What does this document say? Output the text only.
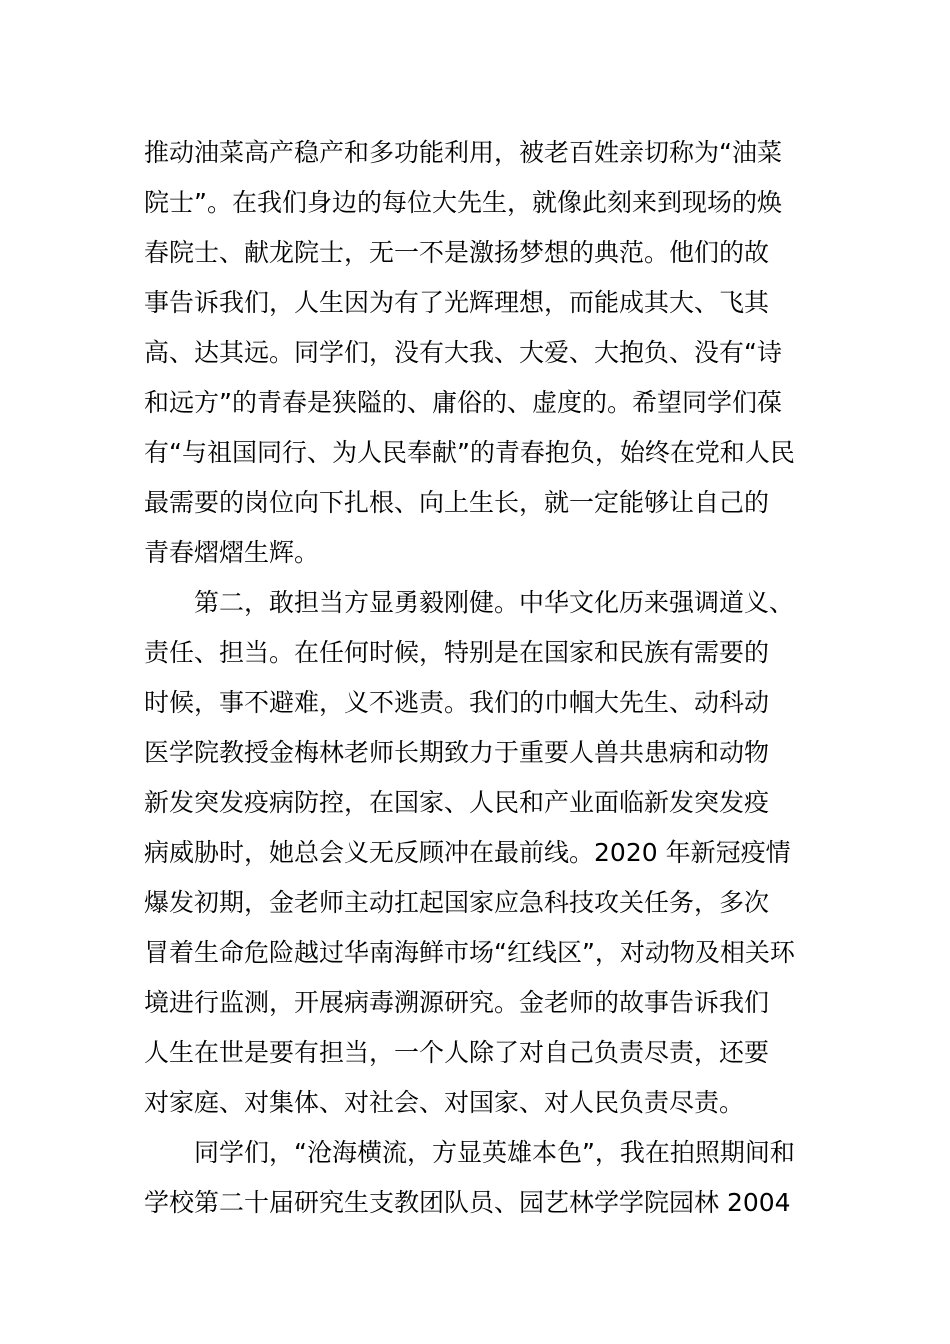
推动油菜高产稳产和多功能利用，被老百姓亲切称为“油菜
院士”。在我们身边的每位大先生，就像此刻来到现场的焕
春院士、献龙院士，无一不是激扬梦想的典范。他们的故
事告诉我们，人生因为有了光辉理想，而能成其大、飞其
高、达其远。同学们，没有大我、大爱、大抱负、没有“诗
和远方”的青春是狭隘的、庸俗的、虚度的。希望同学们葆
有“与祖国同行、为人民奉献”的青春抱负，始终在党和人民
最需要的岗位向下扎根、向上生长，就一定能够让自己的
青春熠熠生辉。
第二，敢担当方显勇毅刚健。中华文化历来强调道义、
责任、担当。在任何时候，特别是在国家和民族有需要的
时候，事不避难，义不逃责。我们的巾帼大先生、动科动
医学院教授金梅林老师长期致力于重要人兽共患病和动物
新发突发疫病防控，在国家、人民和产业面临新发突发疫
病威胁时，她总会义无反顾冲在最前线。2020 年新冠疫情
爆发初期，金老师主动扛起国家应急科技攻关任务，多次
冒着生命危险越过华南海鲜市场“红线区”，对动物及相关环
境进行监测，开展病毒溯源研究。金老师的故事告诉我们
人生在世是要有担当，一个人除了对自己负责尽责，还要
对家庭、对集体、对社会、对国家、对人民负责尽责。
同学们，“沧海横流，方显英雄本色”，我在拍照期间和
学校第二十届研究生支教团队员、园艺林学学院园林 2004
